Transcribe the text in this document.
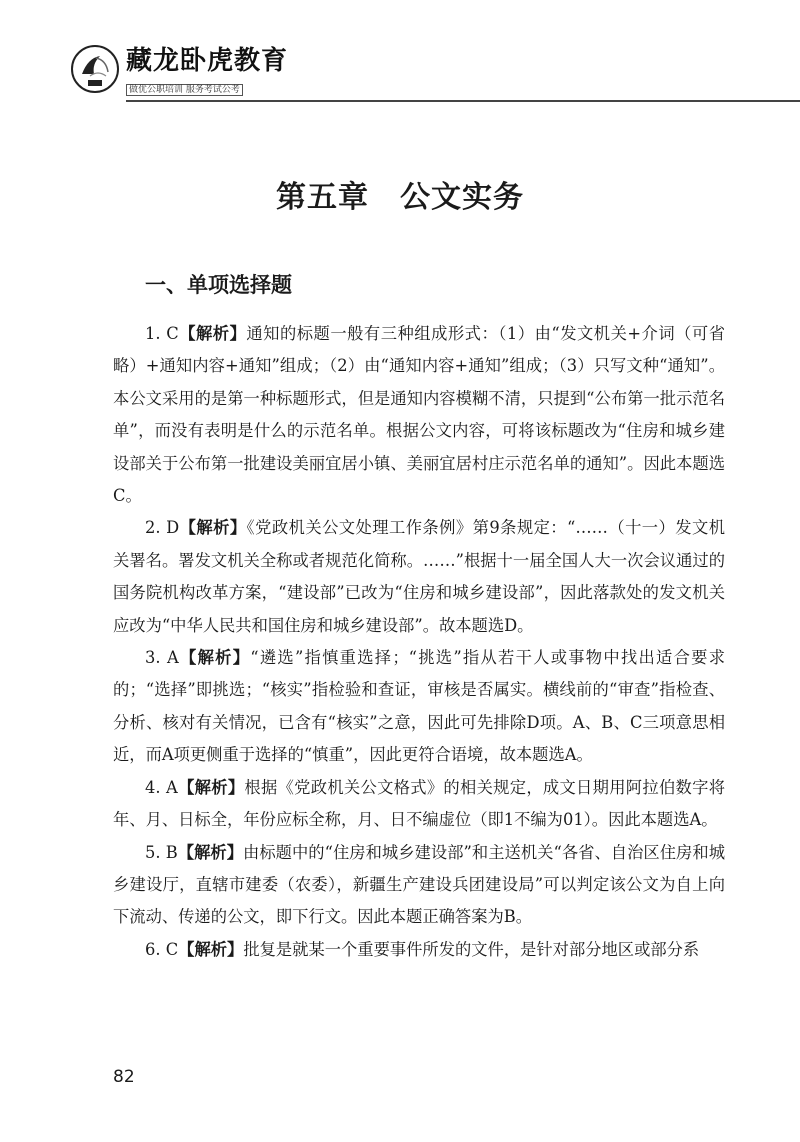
藏龙卧虎教育
做优公职培训 服务考试公考
第五章　公文实务
一、单项选择题

1. C【解析】通知的标题一般有三种组成形式：（1）由“发文机关+介词（可省略）+通知内容+通知”组成；（2）由“通知内容+通知”组成；（3）只写文种“通知”。本公文采用的是第一种标题形式，但是通知内容模糊不清，只提到“公布第一批示范名单”，而没有表明是什么的示范名单。根据公文内容，可将该标题改为“住房和城乡建设部关于公布第一批建设美丽宜居小镇、美丽宜居村庄示范名单的通知”。因此本题选C。

2. D【解析】《党政机关公文处理工作条例》第9条规定：“……（十一）发文机关署名。署发文机关全称或者规范化简称。……”根据十一届全国人大一次会议通过的国务院机构改革方案，“建设部”已改为“住房和城乡建设部”，因此落款处的发文机关应改为“中华人民共和国住房和城乡建设部”。故本题选D。

3. A【解析】“遴选”指慎重选择；“挑选”指从若干人或事物中找出适合要求的；“选择”即挑选；“核实”指检验和查证，审核是否属实。横线前的“审查”指检查、分析、核对有关情况，已含有“核实”之意，因此可先排除D项。A、B、C三项意思相近，而A项更侧重于选择的“慎重”，因此更符合语境，故本题选A。

4. A【解析】根据《党政机关公文格式》的相关规定，成文日期用阿拉伯数字将年、月、日标全，年份应标全称，月、日不编虚位（即1不编为01）。因此本题选A。

5. B【解析】由标题中的“住房和城乡建设部”和主送机关“各省、自治区住房和城乡建设厅，直辖市建委（农委），新疆生产建设兵团建设局”可以判定该公文为自上向下流动、传递的公文，即下行文。因此本题正确答案为B。

6. C【解析】批复是就某一个重要事件所发的文件，是针对部分地区或部分系

82
